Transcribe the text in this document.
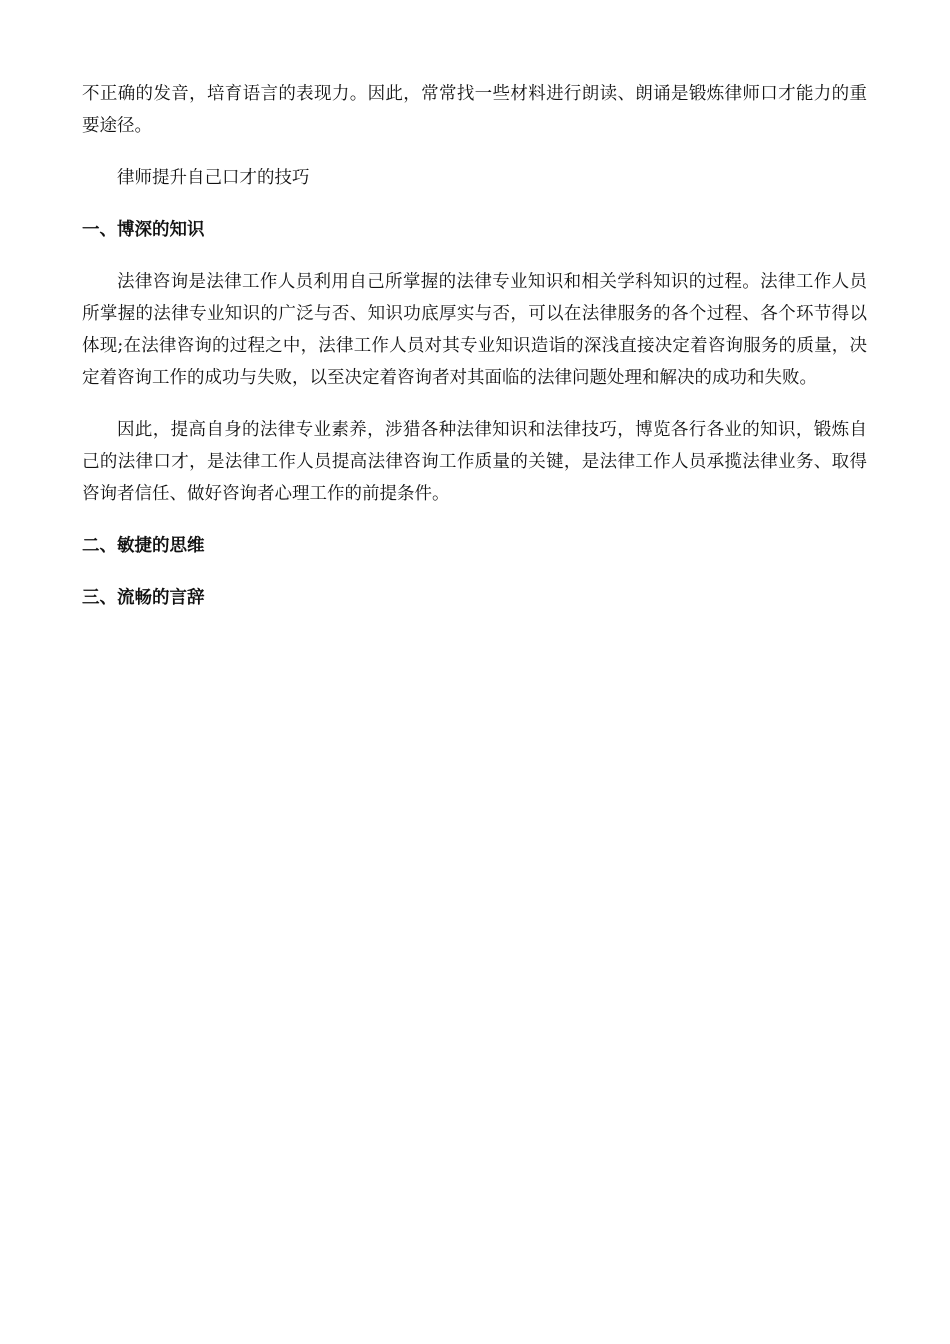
不正确的发音，培育语言的表现力。因此，常常找一些材料进行朗读、朗诵是锻炼律师口才能力的重要途径。

律师提升自己口才的技巧

一、博深的知识

法律咨询是法律工作人员利用自己所掌握的法律专业知识和相关学科知识的过程。法律工作人员所掌握的法律专业知识的广泛与否、知识功底厚实与否，可以在法律服务的各个过程、各个环节得以体现;在法律咨询的过程之中，法律工作人员对其专业知识造诣的深浅直接决定着咨询服务的质量，决定着咨询工作的成功与失败，以至决定着咨询者对其面临的法律问题处理和解决的成功和失败。

因此，提高自身的法律专业素养，涉猎各种法律知识和法律技巧，博览各行各业的知识，锻炼自己的法律口才，是法律工作人员提高法律咨询工作质量的关键，是法律工作人员承揽法律业务、取得咨询者信任、做好咨询者心理工作的前提条件。

二、敏捷的思维
三、流畅的言辞
